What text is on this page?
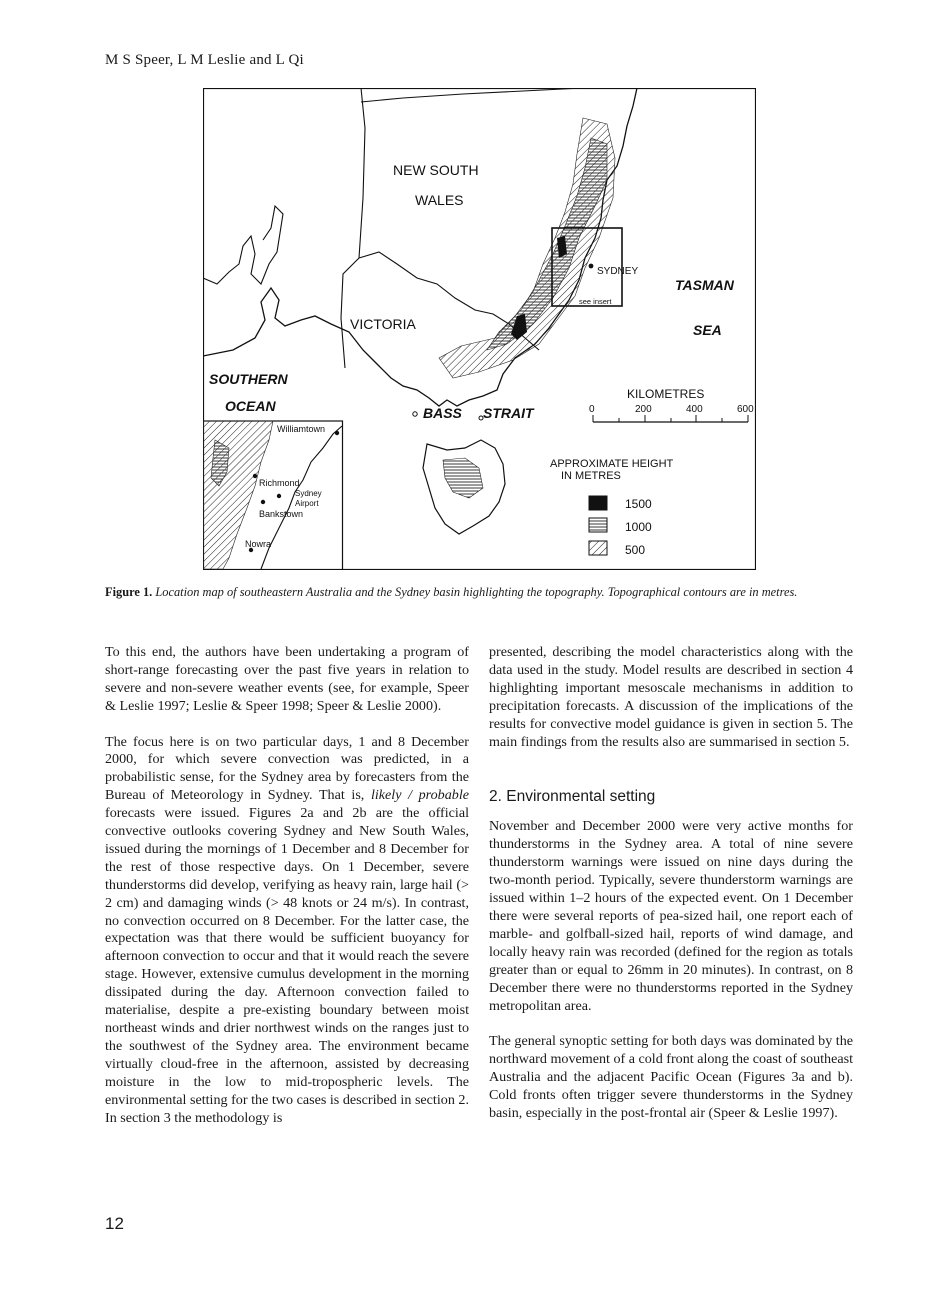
M S Speer, L M Leslie and L Qi
NEW SOUTH
WALES
VICTORIA
SYDNEY
see insert
TASMAN
SEA
SOUTHERN
OCEAN	BASS STRAIT
KILOMETRES
0	200	400	600
APPROXIMATE HEIGHT
IN METRES
1500
1000
500
Williamtown
Richmond
Sydney
Airport
Bankstown
Nowra
Figure 1. Location map of southeastern Australia and the Sydney basin highlighting the topography. Topographical contours are in metres.

To this end, the authors have been undertaking a program of short-range forecasting over the past five years in relation to severe and non-severe weather events (see, for example, Speer & Leslie 1997; Leslie & Speer 1998; Speer & Leslie 2000).

The focus here is on two particular days, 1 and 8 December 2000, for which severe convection was predicted, in a probabilistic sense, for the Sydney area by forecasters from the Bureau of Meteorology in Sydney. That is, likely / probable forecasts were issued. Figures 2a and 2b are the official convective outlooks covering Sydney and New South Wales, issued during the mornings of 1 December and 8 December for the rest of those respective days. On 1 December, severe thunderstorms did develop, verifying as heavy rain, large hail (> 2 cm) and damaging winds (> 48 knots or 24 m/s). In contrast, no convection occurred on 8 December. For the latter case, the expectation was that there would be sufficient buoyancy for afternoon convection to occur and that it would reach the severe stage. However, extensive cumulus development in the morning dissipated during the day. Afternoon convection failed to materialise, despite a pre-existing boundary between moist northeast winds and drier northwest winds on the ranges just to the southwest of the Sydney area. The environment became virtually cloud-free in the afternoon, assisted by decreasing moisture in the low to mid-tropospheric levels. The environmental setting for the two cases is described in section 2. In section 3 the methodology is

presented, describing the model characteristics along with the data used in the study. Model results are described in section 4 highlighting important mesoscale mechanisms in addition to precipitation forecasts. A discussion of the implications of the results for convective model guidance is given in section 5. The main findings from the results also are summarised in section 5.

2. Environmental setting

November and December 2000 were very active months for thunderstorms in the Sydney area. A total of nine severe thunderstorm warnings were issued on nine days during the two-month period. Typically, severe thunderstorm warnings are issued within 1–2 hours of the expected event. On 1 December there were several reports of pea-sized hail, one report each of marble- and golfball-sized hail, reports of wind damage, and locally heavy rain was recorded (defined for the region as totals greater than or equal to 26mm in 20 minutes). In contrast, on 8 December there were no thunderstorms reported in the Sydney metropolitan area.

The general synoptic setting for both days was dominated by the northward movement of a cold front along the coast of southeast Australia and the adjacent Pacific Ocean (Figures 3a and b). Cold fronts often trigger severe thunderstorms in the Sydney basin, especially in the post-frontal air (Speer & Leslie 1997).

12
